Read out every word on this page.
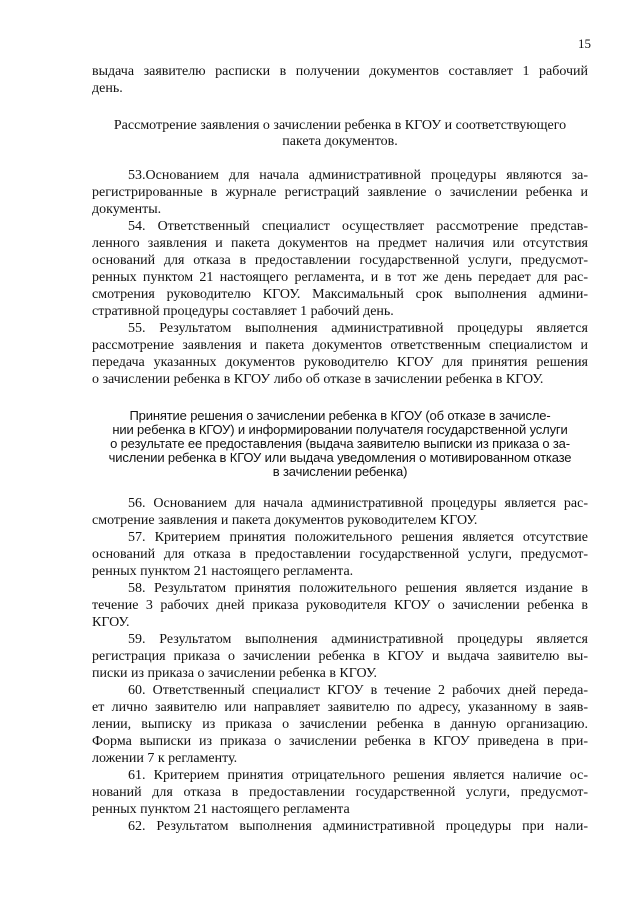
15
выдача заявителю расписки в получении документов составляет 1 рабочий
день.
Рассмотрение заявления о зачислении ребенка в КГОУ и соответствующего
пакета документов.
53.Основанием для начала административной процедуры являются за-
регистрированные в журнале регистраций заявление о зачислении ребенка и
документы.
54. Ответственный специалист осуществляет рассмотрение представ-
ленного заявления и пакета документов на предмет наличия или отсутствия
оснований для отказа в предоставлении государственной услуги, предусмот-
ренных пунктом 21 настоящего регламента, и в тот же день передает для рас-
смотрения руководителю КГОУ. Максимальный срок выполнения админи-
стративной процедуры составляет 1 рабочий день.
55. Результатом выполнения административной процедуры является
рассмотрение заявления и пакета документов ответственным специалистом и
передача указанных документов руководителю КГОУ для принятия решения
о зачислении ребенка в КГОУ либо об отказе в зачислении ребенка в КГОУ.
Принятие решения о зачислении ребенка в КГОУ (об отказе в зачисле-
нии ребенка в КГОУ) и информировании получателя государственной услуги
о результате ее предоставления (выдача заявителю выписки из приказа о за-
числении ребенка в КГОУ или выдача уведомления о мотивированном отказе
в зачислении ребенка)
56. Основанием для начала административной процедуры является рас-
смотрение заявления и пакета документов руководителем КГОУ.
57. Критерием принятия положительного решения является отсутствие
оснований для отказа в предоставлении государственной услуги, предусмот-
ренных пунктом 21 настоящего регламента.
58. Результатом принятия положительного решения является издание в
течение 3 рабочих дней приказа руководителя КГОУ о зачислении ребенка в
КГОУ.
59. Результатом выполнения административной процедуры является
регистрация приказа о зачислении ребенка в КГОУ и выдача заявителю вы-
писки из приказа о зачислении ребенка в КГОУ.
60. Ответственный специалист КГОУ в течение 2 рабочих дней переда-
ет лично заявителю или направляет заявителю по адресу, указанному в заяв-
лении, выписку из приказа о зачислении ребенка в данную организацию.
Форма выписки из приказа о зачислении ребенка в КГОУ приведена в при-
ложении 7 к регламенту.
61. Критерием принятия отрицательного решения является наличие ос-
нований для отказа в предоставлении государственной услуги, предусмот-
ренных пунктом 21 настоящего регламента
62. Результатом выполнения административной процедуры при нали-
